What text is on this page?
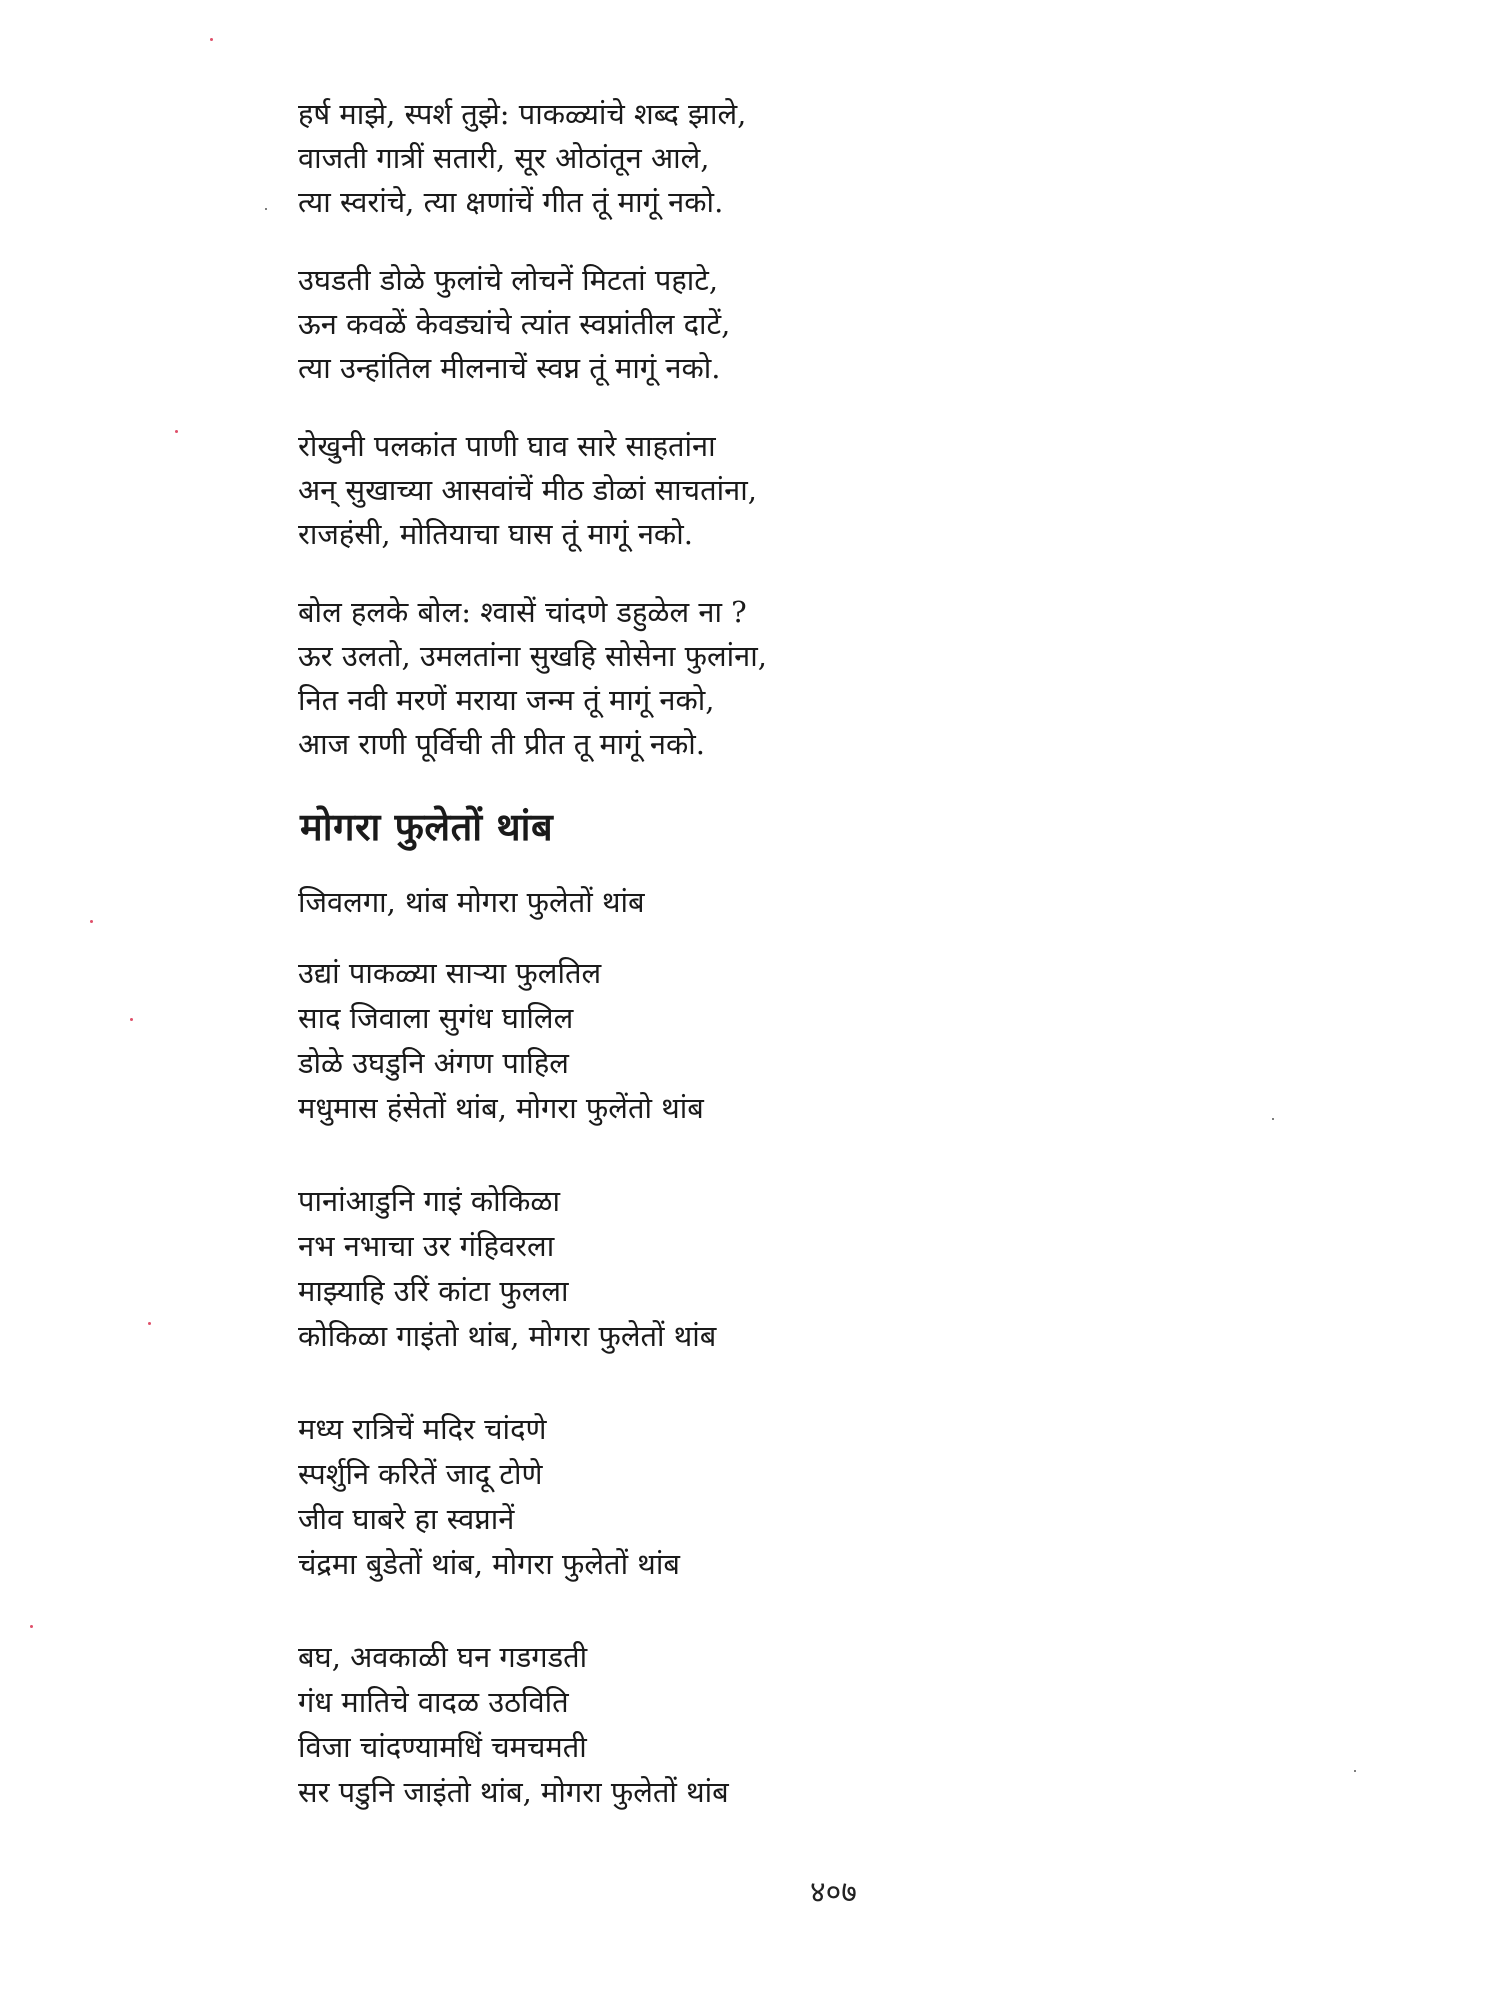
हर्ष माझे, स्पर्श तुझे: पाकळ्यांचे शब्द झाले,
वाजती गात्रीं सतारी, सूर ओठांतून आले,
त्या स्वरांचे, त्या क्षणांचें गीत तूं मागूं नको.
उघडती डोळे फुलांचे लोचनें मिटतां पहाटे,
ऊन कवळें केवड्यांचे त्यांत स्वप्नांतील दाटें,
त्या उन्हांतिल मीलनाचें स्वप्न तूं मागूं नको.
रोखुनी पलकांत पाणी घाव सारे साहतांना
अन् सुखाच्या आसवांचें मीठ डोळां साचतांना,
राजहंसी, मोतियाचा घास तूं मागूं नको.
बोल हलके बोल: श्वासें चांदणे डहुळेल ना ?
ऊर उलतो, उमलतांना सुखहि सोसेना फुलांना,
नित नवी मरणें मराया जन्म तूं मागूं नको,
आज राणी पूर्विची ती प्रीत तू मागूं नको.
मोगरा फुलेतों थांब
जिवलगा, थांब मोगरा फुलेतों थांब
उद्यां पाकळ्या साऱ्या फुलतिल
साद जिवाला सुगंध घालिल
डोळे उघडुनि अंगण पाहिल
मधुमास हंसेतों थांब, मोगरा फुलेंतो थांब
पानांआडुनि गाइं कोकिळा
नभ नभाचा उर गंहिवरला
माझ्याहि उरिं कांटा फुलला
कोकिळा गाइंतो थांब, मोगरा फुलेतों थांब
मध्य रात्रिचें मदिर चांदणे
स्पर्शुनि करितें जादू टोणे
जीव घाबरे हा स्वप्नानें
चंद्रमा बुडेतों थांब, मोगरा फुलेतों थांब
बघ, अवकाळी घन गडगडती
गंध मातिचे वादळ उठविति
विजा चांदण्यामधिं चमचमती
सर पडुनि जाइंतो थांब, मोगरा फुलेतों थांब
४०७
